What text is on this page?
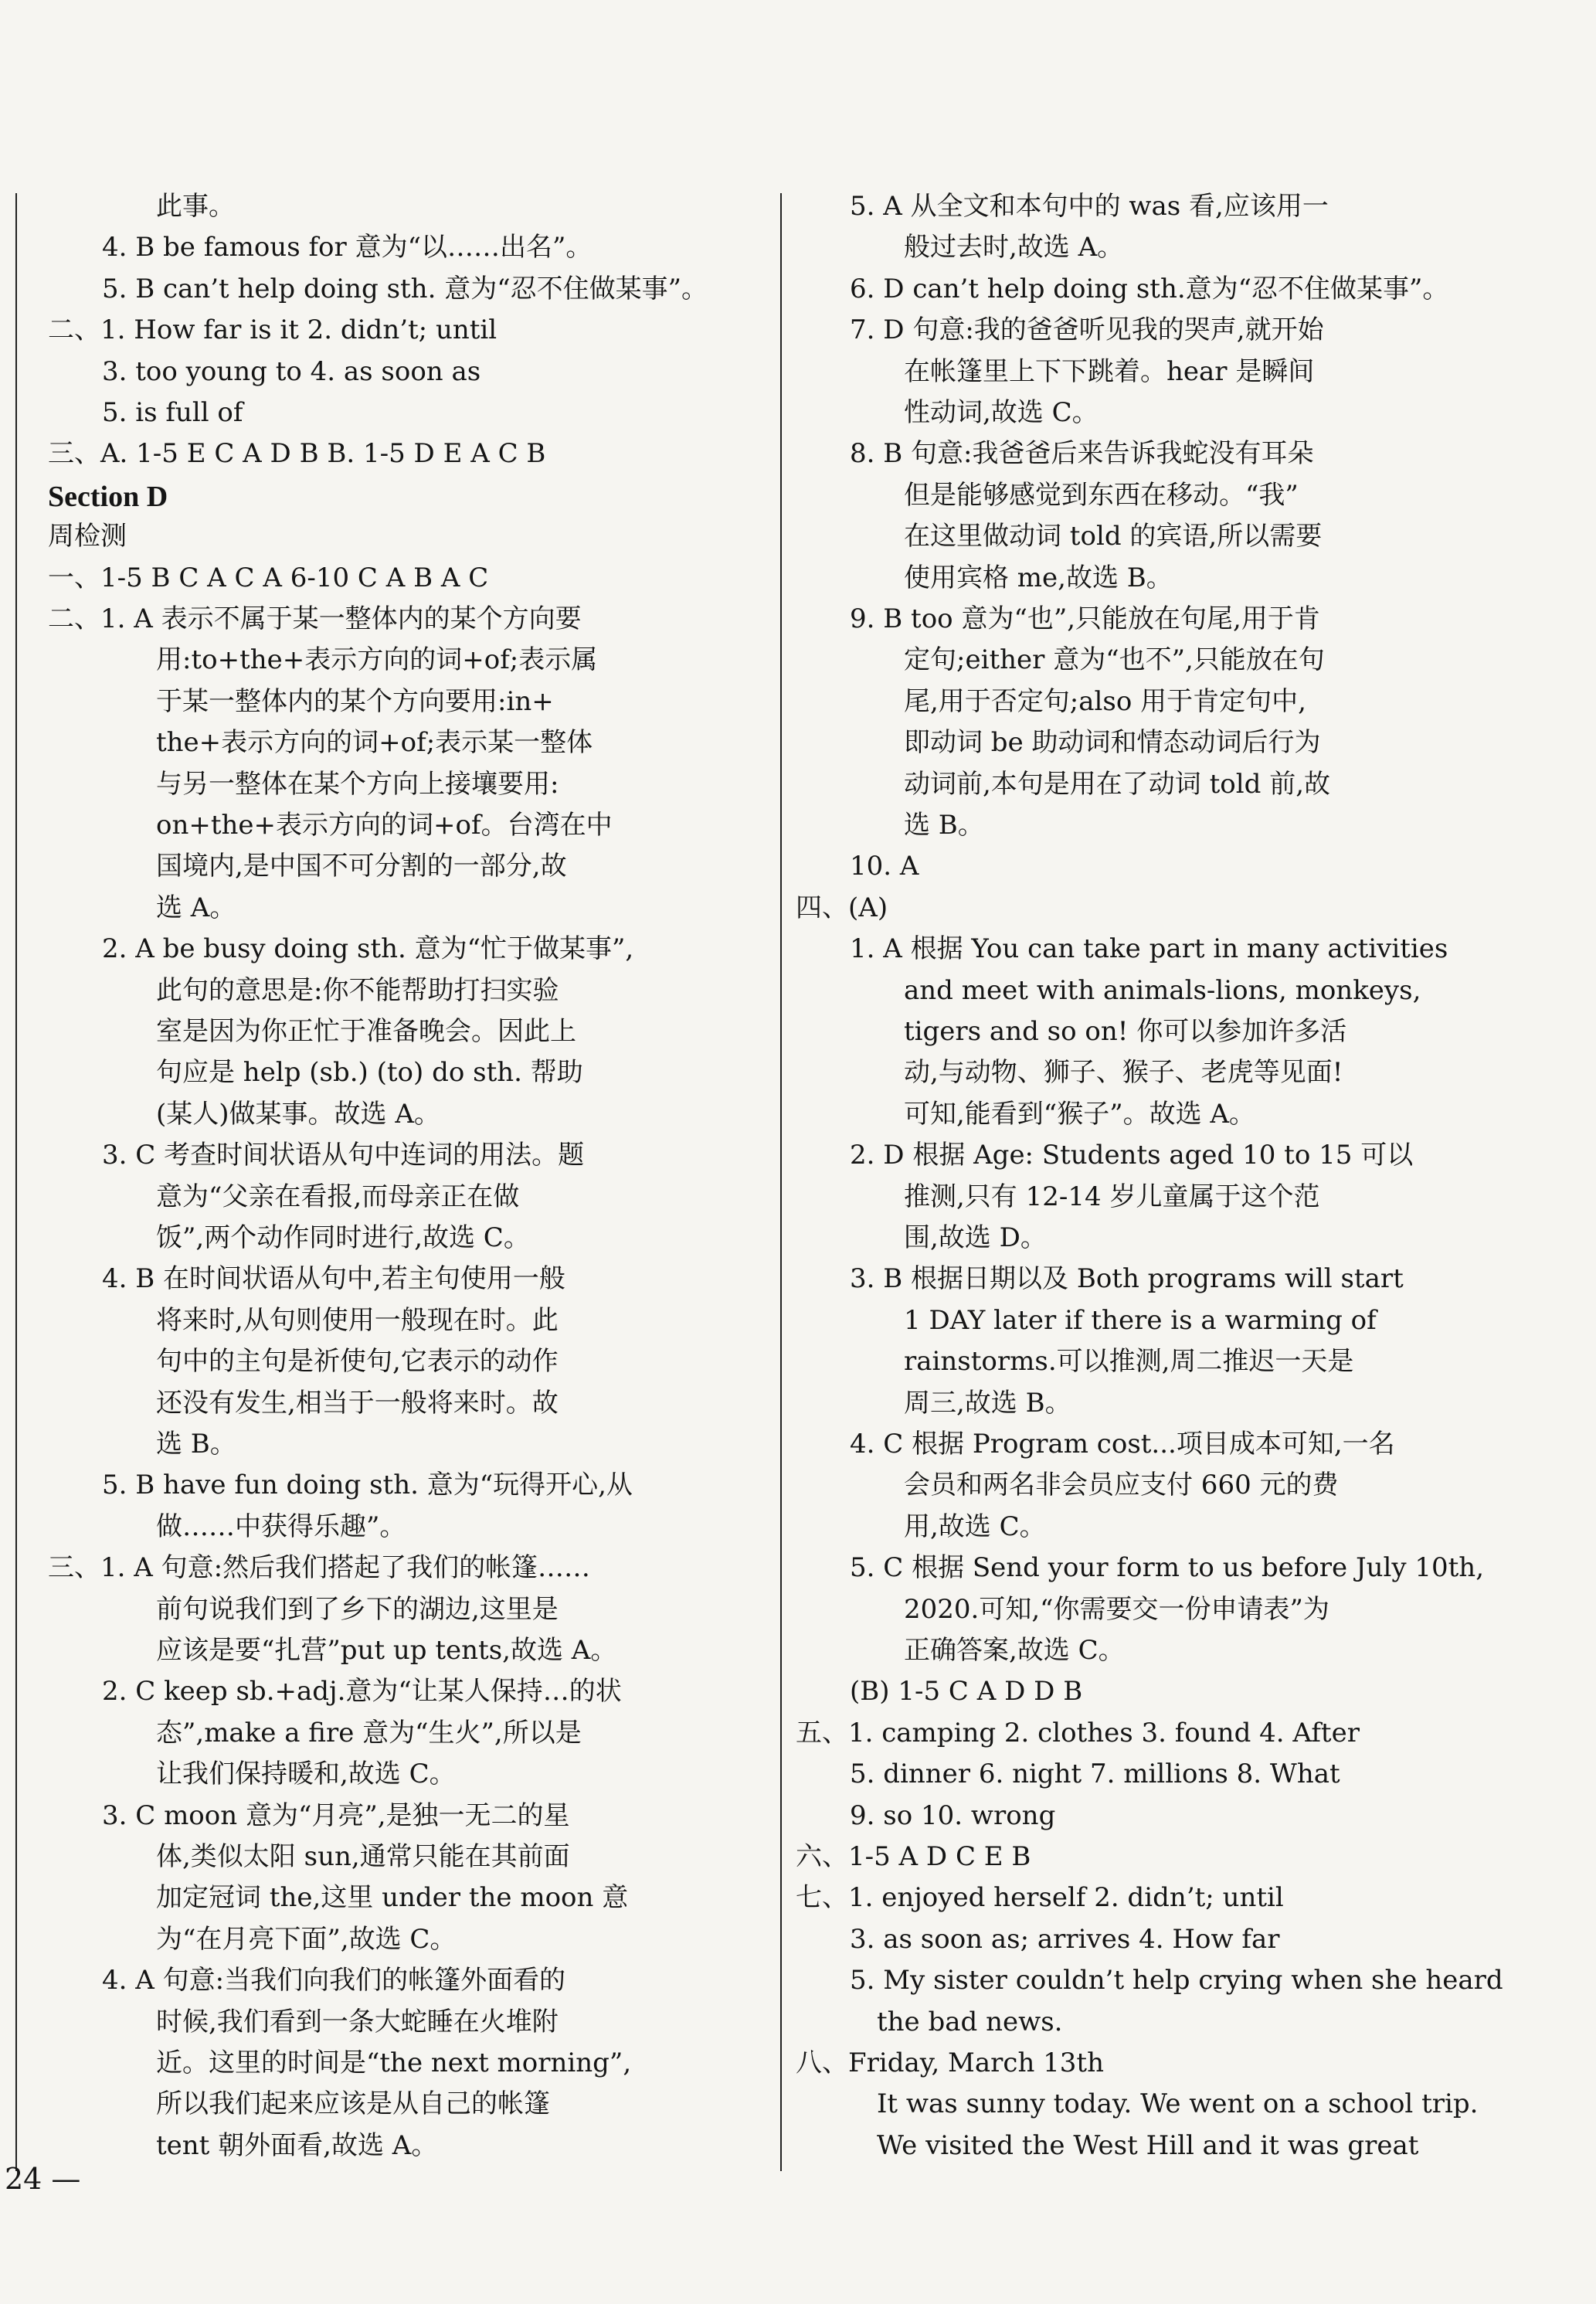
此事。
4. B be famous for 意为“以……出名”。
5. B can’t help doing sth. 意为“忍不住做某事”。
二、1. How far is it 2. didn’t; until
3. too young to 4. as soon as
5. is full of
三、A. 1-5 E C A D B B. 1-5 D E A C B
Section D
周检测
一、1-5 B C A C A 6-10 C A B A C
二、1. A 表示不属于某一整体内的某个方向要
用:to+the+表示方向的词+of;表示属
于某一整体内的某个方向要用:in+
the+表示方向的词+of;表示某一整体
与另一整体在某个方向上接壤要用:
on+the+表示方向的词+of。台湾在中
国境内,是中国不可分割的一部分,故
选 A。
2. A be busy doing sth. 意为“忙于做某事”,
此句的意思是:你不能帮助打扫实验
室是因为你正忙于准备晚会。因此上
句应是 help (sb.) (to) do sth. 帮助
(某人)做某事。故选 A。
3. C 考查时间状语从句中连词的用法。题
意为“父亲在看报,而母亲正在做
饭”,两个动作同时进行,故选 C。
4. B 在时间状语从句中,若主句使用一般
将来时,从句则使用一般现在时。此
句中的主句是祈使句,它表示的动作
还没有发生,相当于一般将来时。故
选 B。
5. B have fun doing sth. 意为“玩得开心,从
做……中获得乐趣”。
三、1. A 句意:然后我们搭起了我们的帐篷……
前句说我们到了乡下的湖边,这里是
应该是要“扎营”put up tents,故选 A。
2. C keep sb.+adj.意为“让某人保持…的状
态”,make a fire 意为“生火”,所以是
让我们保持暖和,故选 C。
3. C moon 意为“月亮”,是独一无二的星
体,类似太阳 sun,通常只能在其前面
加定冠词 the,这里 under the moon 意
为“在月亮下面”,故选 C。
4. A 句意:当我们向我们的帐篷外面看的
时候,我们看到一条大蛇睡在火堆附
近。这里的时间是“the next morning”,
所以我们起来应该是从自己的帐篷
tent 朝外面看,故选 A。
5. A 从全文和本句中的 was 看,应该用一
般过去时,故选 A。
6. D can’t help doing sth.意为“忍不住做某事”。
7. D 句意:我的爸爸听见我的哭声,就开始
在帐篷里上下下跳着。hear 是瞬间
性动词,故选 C。
8. B 句意:我爸爸后来告诉我蛇没有耳朵
但是能够感觉到东西在移动。“我”
在这里做动词 told 的宾语,所以需要
使用宾格 me,故选 B。
9. B too 意为“也”,只能放在句尾,用于肯
定句;either 意为“也不”,只能放在句
尾,用于否定句;also 用于肯定句中,
即动词 be 助动词和情态动词后行为
动词前,本句是用在了动词 told 前,故
选 B。
10. A
四、(A)
1. A 根据 You can take part in many activities
and meet with animals-lions, monkeys,
tigers and so on! 你可以参加许多活
动,与动物、狮子、猴子、老虎等见面!
可知,能看到“猴子”。故选 A。
2. D 根据 Age: Students aged 10 to 15 可以
推测,只有 12-14 岁儿童属于这个范
围,故选 D。
3. B 根据日期以及 Both programs will start
1 DAY later if there is a warming of
rainstorms.可以推测,周二推迟一天是
周三,故选 B。
4. C 根据 Program cost...项目成本可知,一名
会员和两名非会员应支付 660 元的费
用,故选 C。
5. C 根据 Send your form to us before July 10th,
2020.可知,“你需要交一份申请表”为
正确答案,故选 C。
(B) 1-5 C A D D B
五、1. camping 2. clothes 3. found 4. After
5. dinner 6. night 7. millions 8. What
9. so 10. wrong
六、1-5 A D C E B
七、1. enjoyed herself 2. didn’t; until
3. as soon as; arrives 4. How far
5. My sister couldn’t help crying when she heard
the bad news.
八、Friday, March 13th
It was sunny today. We went on a school trip.
We visited the West Hill and it was great
24 —
